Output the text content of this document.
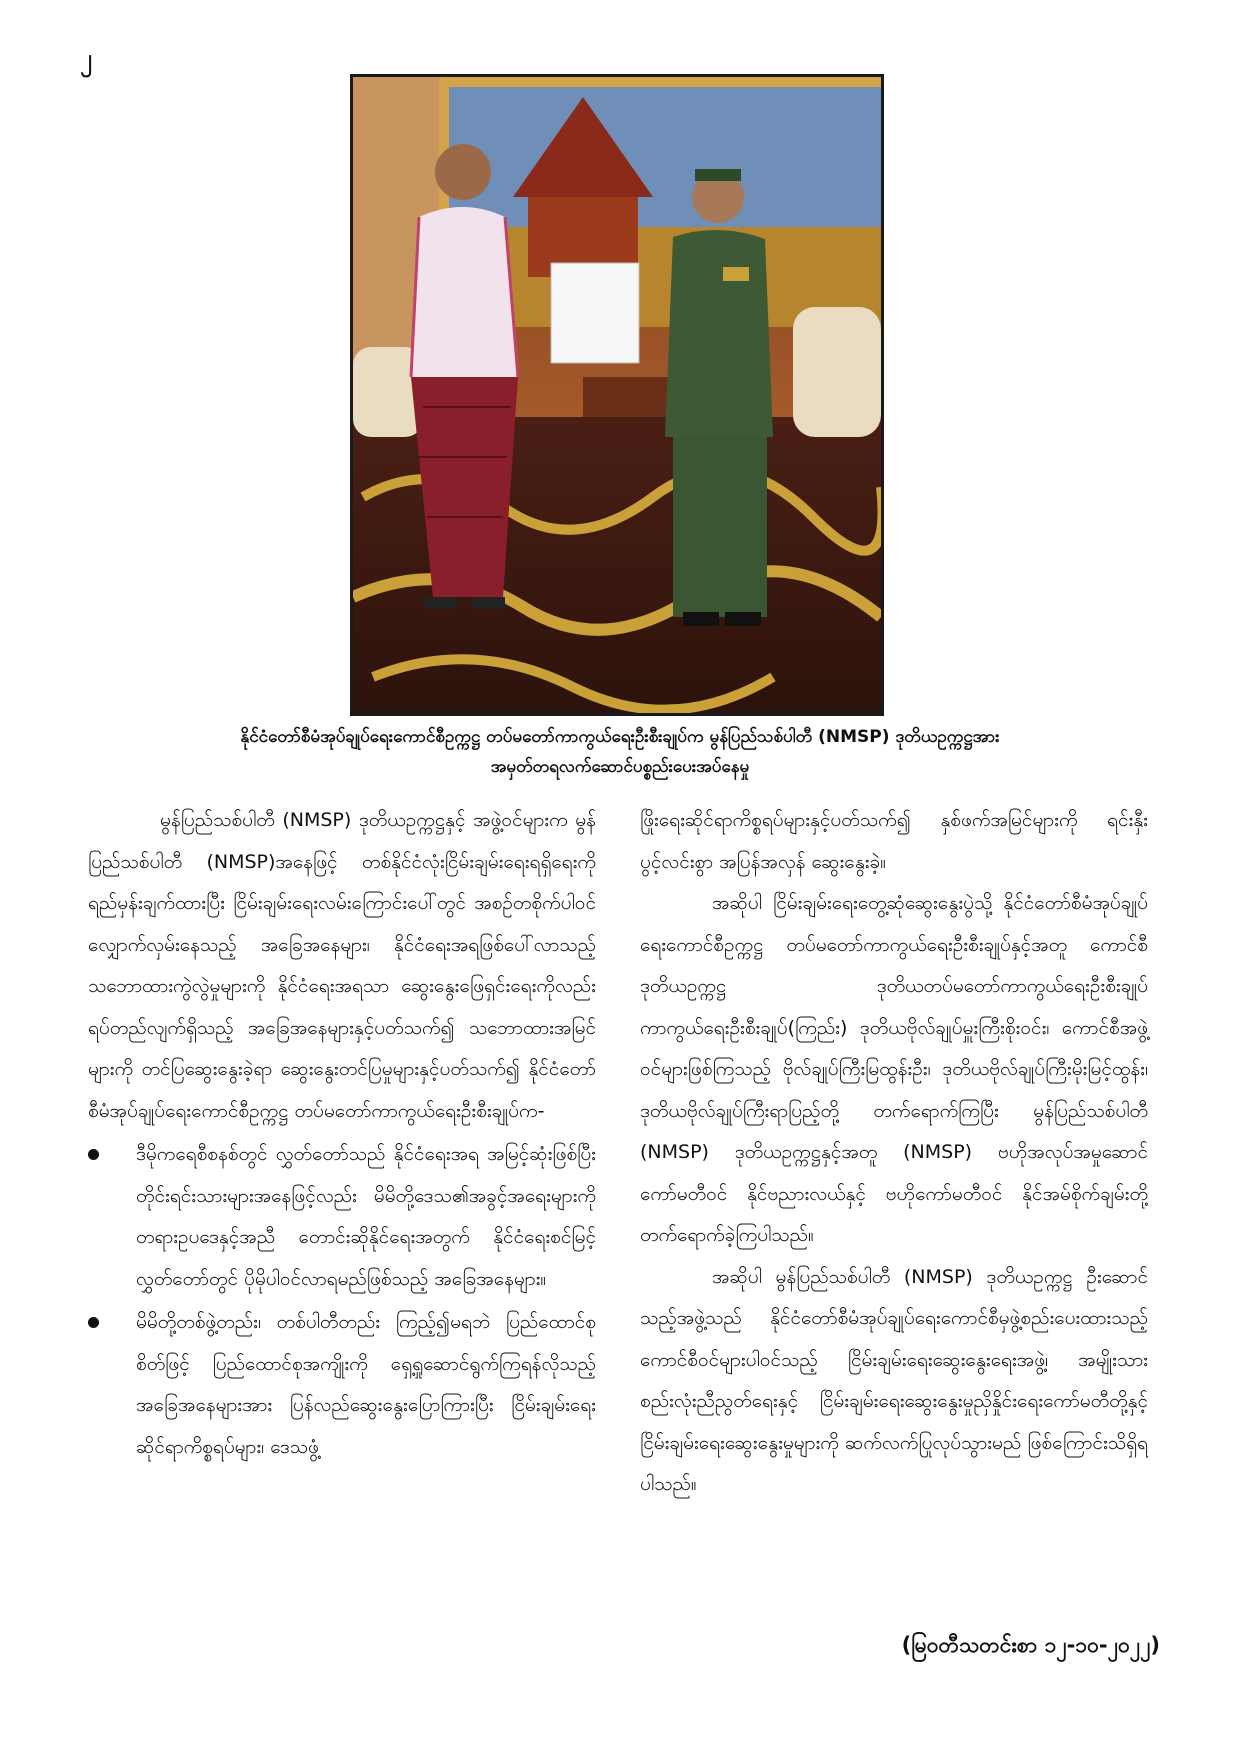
၂
နိုင်ငံတော်စီမံအုပ်ချုပ်ရေးကောင်စီဥက္ကဋ္ဌ တပ်မတော်ကာကွယ်ရေးဦးစီးချုပ်က မွန်ပြည်သစ်ပါတီ (NMSP) ဒုတိယဥက္ကဋ္ဌအား
အမှတ်တရလက်ဆောင်ပစ္စည်းပေးအပ်နေမှု

မွန်ပြည်သစ်ပါတီ (NMSP) ဒုတိယဥက္ကဋ္ဌနှင့် အဖွဲ့ဝင်များက မွန်ပြည်သစ်ပါတီ (NMSP)အနေဖြင့် တစ်နိုင်ငံလုံးငြိမ်းချမ်းရေးရရှိရေးကို ရည်မှန်းချက်ထားပြီး ငြိမ်းချမ်းရေးလမ်းကြောင်းပေါ်တွင် အစဉ်တစိုက်ပါဝင် လျှောက်လှမ်းနေသည့် အခြေအနေများ၊ နိုင်ငံရေးအရဖြစ်ပေါ်လာသည့် သဘောထားကွဲလွဲမှုများကို နိုင်ငံရေးအရသာ ဆွေးနွေးဖြေရှင်းရေးကိုလည်း ရပ်တည်လျက်ရှိသည့် အခြေအနေများနှင့်ပတ်သက်၍ သဘောထားအမြင်များကို တင်ပြဆွေးနွေးခဲ့ရာ ဆွေးနွေးတင်ပြမှုများနှင့်ပတ်သက်၍ နိုင်ငံတော်စီမံအုပ်ချုပ်ရေးကောင်စီဥက္ကဋ္ဌ တပ်မတော်ကာကွယ်ရေးဦးစီးချုပ်က-

ဒီမိုကရေစီစနစ်တွင် လွှတ်တော်သည် နိုင်ငံရေးအရ အမြင့်ဆုံးဖြစ်ပြီး တိုင်းရင်းသားများအနေဖြင့်လည်း မိမိတို့ဒေသ၏အခွင့်အရေးများကို တရားဥပဒေနှင့်အညီ တောင်းဆိုနိုင်ရေးအတွက် နိုင်ငံရေးစင်မြင့်လွှတ်တော်တွင် ပိုမိုပါဝင်လာရမည်ဖြစ်သည့် အခြေအနေများ။
မိမိတို့တစ်ဖွဲ့တည်း၊ တစ်ပါတီတည်း ကြည့်၍မရဘဲ ပြည်ထောင်စုစိတ်ဖြင့် ပြည်ထောင်စုအကျိုးကို ရှေ့ရှုဆောင်ရွက်ကြရန်လိုသည့် အခြေအနေများအား ပြန်လည်ဆွေးနွေးပြောကြားပြီး ငြိမ်းချမ်းရေးဆိုင်ရာကိစ္စရပ်များ၊ ဒေသဖွံ့

ဖြိုးရေးဆိုင်ရာကိစ္စရပ်များနှင့်ပတ်သက်၍ နှစ်ဖက်အမြင်များကို ရင်းနှီးပွင့်လင်းစွာ အပြန်အလှန် ဆွေးနွေးခဲ့။

အဆိုပါ ငြိမ်းချမ်းရေးတွေ့ဆုံဆွေးနွေးပွဲသို့ နိုင်ငံတော်စီမံအုပ်ချုပ်ရေးကောင်စီဥက္ကဋ္ဌ တပ်မတော်ကာကွယ်ရေးဦးစီးချုပ်နှင့်အတူ ကောင်စီဒုတိယဥက္ကဋ္ဌ ဒုတိယတပ်မတော်ကာကွယ်ရေးဦးစီးချုပ် ကာကွယ်ရေးဦးစီးချုပ်(ကြည်း) ဒုတိယဗိုလ်ချုပ်မှူးကြီးစိုးဝင်း၊ ကောင်စီအဖွဲ့ဝင်များဖြစ်ကြသည့် ဗိုလ်ချုပ်ကြီးမြထွန်းဦး၊ ဒုတိယဗိုလ်ချုပ်ကြီးမိုးမြင့်ထွန်း၊ ဒုတိယဗိုလ်ချုပ်ကြီးရာပြည့်တို့ တက်ရောက်ကြပြီး မွန်ပြည်သစ်ပါတီ (NMSP) ဒုတိယဥက္ကဋ္ဌနှင့်အတူ (NMSP) ဗဟိုအလုပ်အမှုဆောင်ကော်မတီဝင် နိုင်ဗညားလယ်နှင့် ဗဟိုကော်မတီဝင် နိုင်အမ်စိုက်ချမ်းတို့ တက်ရောက်ခဲ့ကြပါသည်။

အဆိုပါ မွန်ပြည်သစ်ပါတီ (NMSP) ဒုတိယဥက္ကဋ္ဌ ဦးဆောင်သည့်အဖွဲ့သည် နိုင်ငံတော်စီမံအုပ်ချုပ်ရေးကောင်စီမှဖွဲ့စည်းပေးထားသည့် ကောင်စီဝင်များပါဝင်သည့် ငြိမ်းချမ်းရေးဆွေးနွေးရေးအဖွဲ့၊ အမျိုးသားစည်းလုံးညီညွတ်ရေးနှင့် ငြိမ်းချမ်းရေးဆွေးနွေးမှုညှိနှိုင်းရေးကော်မတီတို့နှင့် ငြိမ်းချမ်းရေးဆွေးနွေးမှုများကို ဆက်လက်ပြုလုပ်သွားမည် ဖြစ်ကြောင်းသိရှိရပါသည်။

(မြဝတီသတင်းစာ ၁၂-၁၀-၂၀၂၂)
